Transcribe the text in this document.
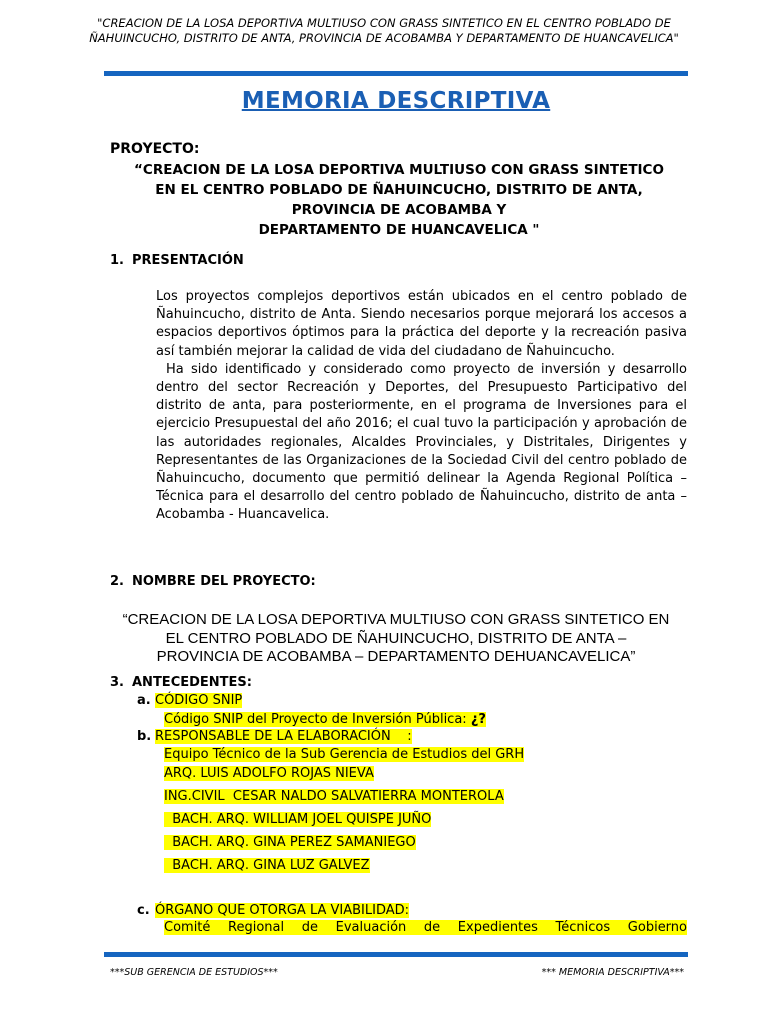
"CREACION DE LA LOSA DEPORTIVA MULTIUSO CON GRASS SINTETICO EN EL CENTRO POBLADO DE
ÑAHUINCUCHO, DISTRITO DE ANTA, PROVINCIA DE ACOBAMBA Y DEPARTAMENTO DE HUANCAVELICA"
MEMORIA DESCRIPTIVA
PROYECTO:
“CREACION DE LA LOSA DEPORTIVA MULTIUSO CON GRASS SINTETICO
EN EL CENTRO POBLADO DE ÑAHUINCUCHO, DISTRITO DE ANTA,
PROVINCIA DE ACOBAMBA Y
DEPARTAMENTO DE HUANCAVELICA "
1. PRESENTACIÓN

Los proyectos complejos deportivos están ubicados en el centro poblado de Ñahuincucho, distrito de Anta. Siendo necesarios porque mejorará los accesos a espacios deportivos óptimos para la práctica del deporte y la recreación pasiva así también mejorar la calidad de vida del ciudadano de Ñahuincucho.

Ha sido identificado y considerado como proyecto de inversión y desarrollo dentro del sector Recreación y Deportes, del Presupuesto Participativo del distrito de anta, para posteriormente, en el programa de Inversiones para el ejercicio Presupuestal del año 2016; el cual tuvo la participación y aprobación de las autoridades regionales, Alcaldes Provinciales, y Distritales, Dirigentes y Representantes de las Organizaciones de la Sociedad Civil del centro poblado de Ñahuincucho, documento que permitió delinear la Agenda Regional Política – Técnica para el desarrollo del centro poblado de Ñahuincucho, distrito de anta – Acobamba - Huancavelica.

2. NOMBRE DEL PROYECTO:
“CREACION DE LA LOSA DEPORTIVA MULTIUSO CON GRASS SINTETICO EN
EL CENTRO POBLADO DE ÑAHUINCUCHO, DISTRITO DE ANTA –
PROVINCIA DE ACOBAMBA – DEPARTAMENTO DEHUANCAVELICA”
3. ANTECEDENTES:
a. CÓDIGO SNIP
Código SNIP del Proyecto de Inversión Pública: ¿?
b. RESPONSABLE DE LA ELABORACIÓN    :
Equipo Técnico de la Sub Gerencia de Estudios del GRH
ARQ. LUIS ADOLFO ROJAS NIEVA
ING.CIVIL  CESAR NALDO SALVATIERRA MONTEROLA
BACH. ARQ. WILLIAM JOEL QUISPE JUÑO
BACH. ARQ. GINA PEREZ SAMANIEGO
BACH. ARQ. GINA LUZ GALVEZ
c. ÓRGANO QUE OTORGA LA VIABILIDAD:
Comité Regional de Evaluación de Expedientes Técnicos Gobierno
***SUB GERENCIA DE ESTUDIOS***	*** MEMORIA DESCRIPTIVA***
